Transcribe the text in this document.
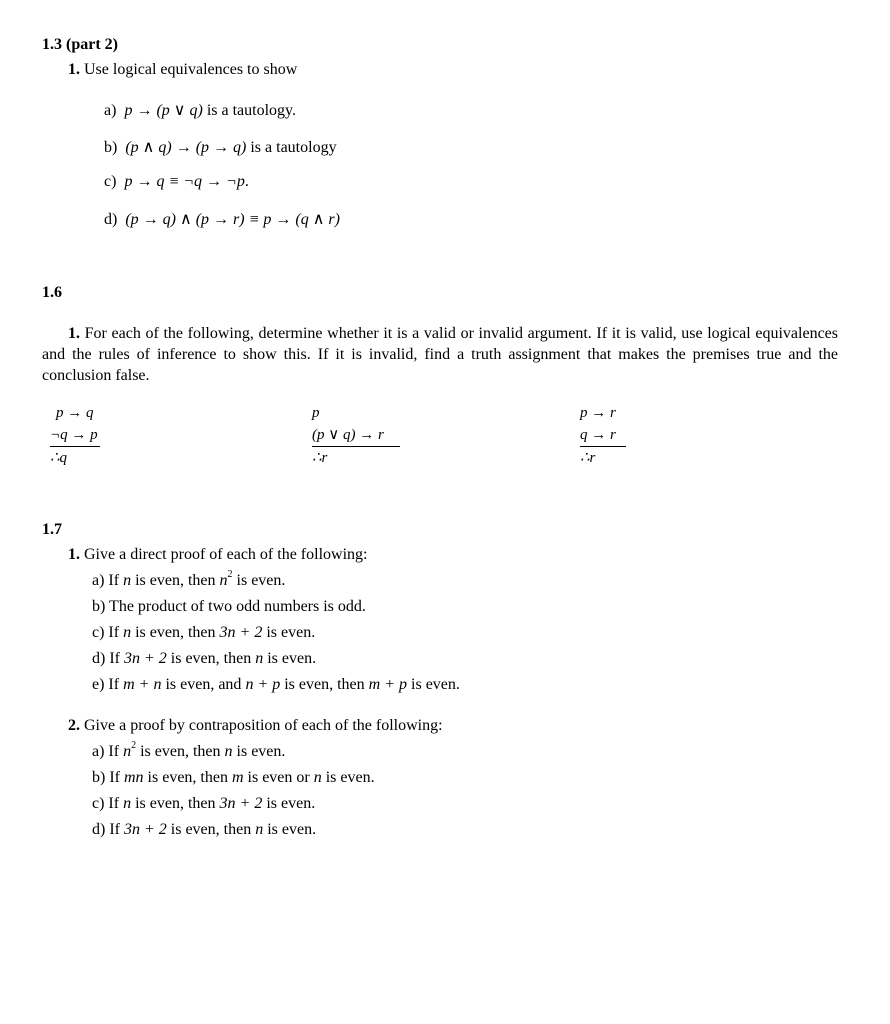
1.3 (part 2)
1. Use logical equivalences to show
a) p → (p ∨ q) is a tautology.
b) (p ∧ q) → (p → q) is a tautology
c) p → q ≡ ¬q → ¬p.
d) (p → q) ∧ (p → r) ≡ p → (q ∧ r)
1.6
1. For each of the following, determine whether it is a valid or invalid argument. If it is valid, use logical equivalences and the rules of inference to show this. If it is invalid, find a truth assignment that makes the premises true and the conclusion false.
p → q
¬q → p
∴q
p
(p ∨ q) → r
∴r
p → r
q → r
∴r
1.7
1. Give a direct proof of each of the following:
a) If n is even, then $n^2$ is even.
b) The product of two odd numbers is odd.
c) If n is even, then 3n + 2 is even.
d) If 3n + 2 is even, then n is even.
e) If m + n is even, and n + p is even, then m + p is even.
2. Give a proof by contraposition of each of the following:
a) If $n^2$ is even, then n is even.
b) If mn is even, then m is even or n is even.
c) If n is even, then 3n + 2 is even.
d) If 3n + 2 is even, then n is even.
